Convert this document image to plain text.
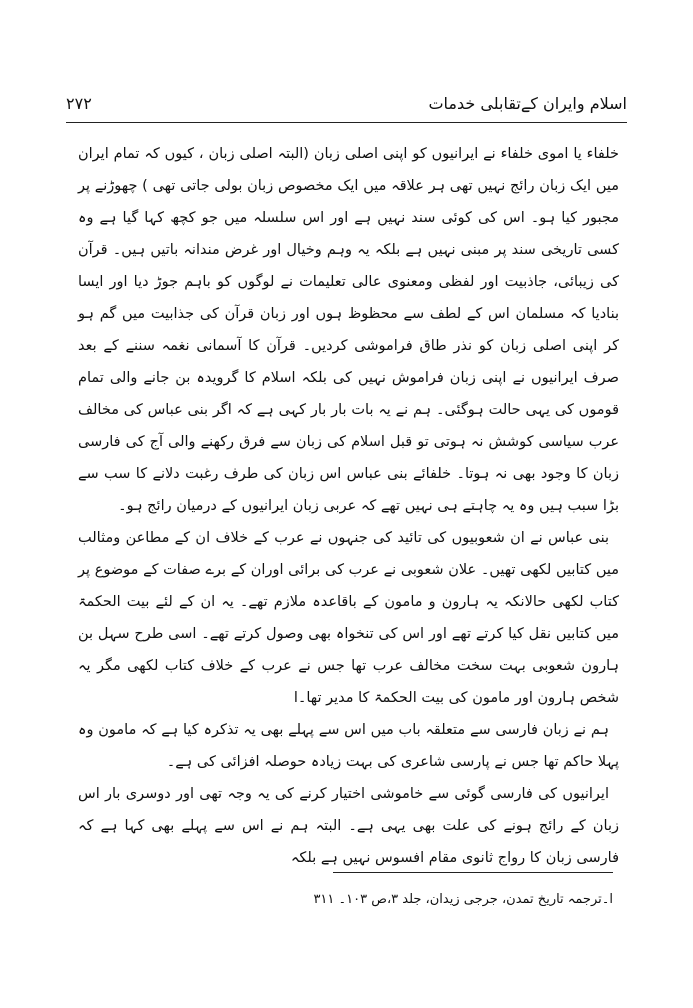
اسلام وایران کےتقابلی خدمات
۲۷۲

خلفاء یا اموی خلفاء نے ایرانیوں کو اپنی اصلی زبان (البتہ اصلی زبان ، کیوں کہ تمام ایران میں ایک زبان رائج نہیں تھی ہر علاقہ میں ایک مخصوص زبان بولی جاتی تھی ) چھوڑنے پر مجبور کیا ہو۔ اس کی کوئی سند نہیں ہے اور اس سلسلہ میں جو کچھ کہا گیا ہے وہ کسی تاریخی سند پر مبنی نہیں ہے بلکہ یہ وہم وخیال اور غرض مندانہ باتیں ہیں۔ قرآن کی زیبائی، جاذبیت اور لفظی ومعنوی عالی تعلیمات نے لوگوں کو باہم جوڑ دیا اور ایسا بنادیا کہ مسلمان اس کے لطف سے محظوظ ہوں اور زبان قرآن کی جذابیت میں گم ہو کر اپنی اصلی زبان کو نذر طاق فراموشی کردیں۔ قرآن کا آسمانی نغمہ سننے کے بعد صرف ایرانیوں نے اپنی زبان فراموش نہیں کی بلکہ اسلام کا گرویدہ بن جانے والی تمام قوموں کی یہی حالت ہوگئی۔ ہم نے یہ بات بار بار کہی ہے کہ اگر بنی عباس کی مخالف عرب سیاسی کوشش نہ ہوتی تو قبل اسلام کی زبان سے فرق رکھنے والی آج کی فارسی زبان کا وجود بھی نہ ہوتا۔ خلفائے بنی عباس اس زبان کی طرف رغبت دلانے کا سب سے بڑا سبب ہیں وہ یہ چاہتے ہی نہیں تھے کہ عربی زبان ایرانیوں کے درمیان رائج ہو۔

بنی عباس نے ان شعوبیوں کی تائید کی جنہوں نے عرب کے خلاف ان کے مطاعن ومثالب میں کتابیں لکھی تھیں۔ علان شعوبی نے عرب کی برائی اوران کے برے صفات کے موضوع پر کتاب لکھی حالانکہ یہ ہارون و مامون کے باقاعدہ ملازم تھے۔ یہ ان کے لئے بیت الحکمۃ میں کتابیں نقل کیا کرتے تھے اور اس کی تنخواہ بھی وصول کرتے تھے۔ اسی طرح سہل بن ہارون شعوبی بہت سخت مخالف عرب تھا جس نے عرب کے خلاف کتاب لکھی مگر یہ شخص ہارون اور مامون کی بیت الحکمۃ کا مدیر تھا۔ا

ہم نے زبان فارسی سے متعلقہ باب میں اس سے پہلے بھی یہ تذکرہ کیا ہے کہ مامون وہ پہلا حاکم تھا جس نے پارسی شاعری کی بہت زیادہ حوصلہ افزائی کی ہے۔

ایرانیوں کی فارسی گوئی سے خاموشی اختیار کرنے کی یہ وجہ تھی اور دوسری بار اس زبان کے رائج ہونے کی علت بھی یہی ہے۔ البتہ ہم نے اس سے پہلے بھی کہا ہے کہ فارسی زبان کا رواج ثانوی مقام افسوس نہیں ہے بلکہ

ا۔ترجمہ تاریخ تمدن، جرجی زیدان، جلد ۳،ص ۱۰۳۔ ۳۱۱
